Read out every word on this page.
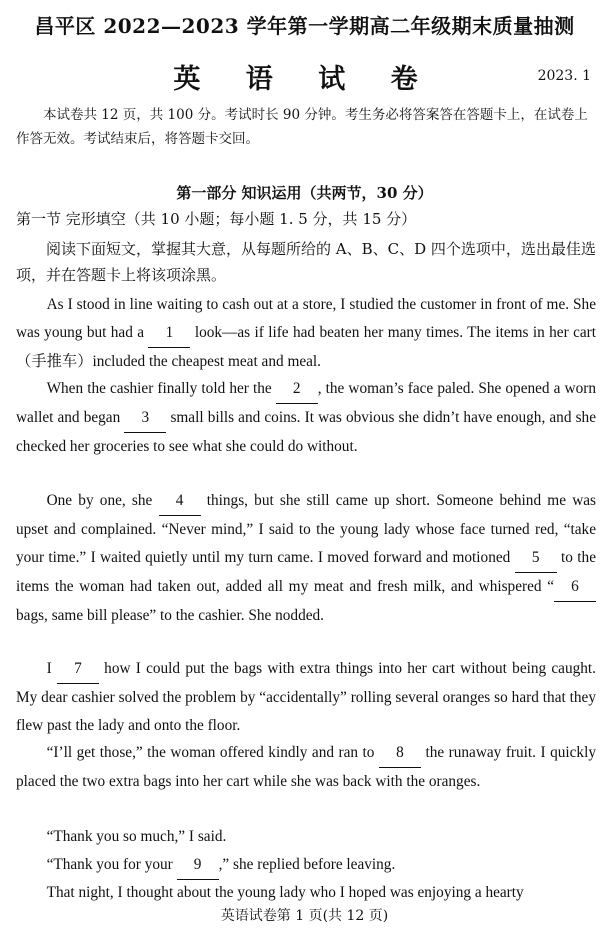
昌平区 2022—2023 学年第一学期高二年级期末质量抽测
英 语 试 卷	2023. 1
本试卷共 12 页，共 100 分。考试时长 90 分钟。考生务必将答案答在答题卡上，在试卷上作答无效。考试结束后，将答题卡交回。
第一部分 知识运用（共两节，30 分）
第一节 完形填空（共 10 小题；每小题 1. 5 分，共 15 分）
阅读下面短文，掌握其大意，从每题所给的 A、B、C、D 四个选项中，选出最佳选项，并在答题卡上将该项涂黑。
As I stood in line waiting to cash out at a store, I studied the customer in front of me. She was young but had a 1 look—as if life had beaten her many times. The items in her cart（手推车）included the cheapest meat and meal.
When the cashier finally told her the 2 , the woman’s face paled. She opened a worn wallet and began 3 small bills and coins. It was obvious she didn’t have enough, and she checked her groceries to see what she could do without.
One by one, she 4 things, but she still came up short. Someone behind me was upset and complained. “Never mind,” I said to the young lady whose face turned red, “take your time.” I waited quietly until my turn came. I moved forward and motioned 5 to the items the woman had taken out, added all my meat and fresh milk, and whispered “ 6 bags, same bill please” to the cashier. She nodded.
I 7 how I could put the bags with extra things into her cart without being caught. My dear cashier solved the problem by “accidentally” rolling several oranges so hard that they flew past the lady and onto the floor.
“I’ll get those,” the woman offered kindly and ran to 8 the runaway fruit. I quickly placed the two extra bags into her cart while she was back with the oranges.
“Thank you so much,” I said.
“Thank you for your 9 ,” she replied before leaving.
That night, I thought about the young lady who I hoped was enjoying a hearty
英语试卷第 1 页(共 12 页)
